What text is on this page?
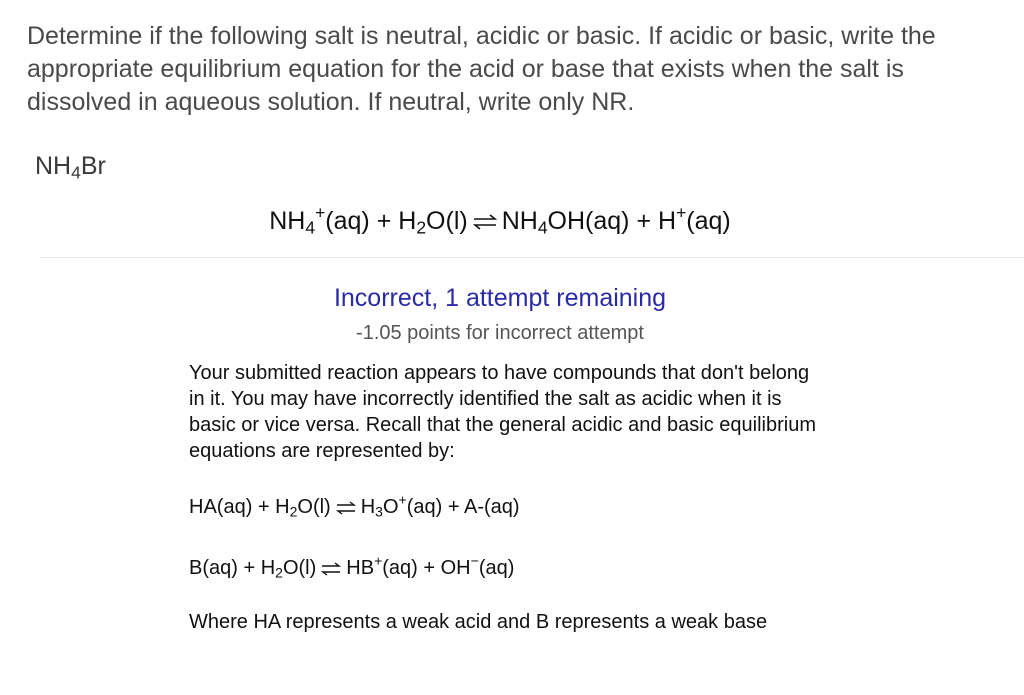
Determine if the following salt is neutral, acidic or basic. If acidic or basic, write the appropriate equilibrium equation for the acid or base that exists when the salt is dissolved in aqueous solution. If neutral, write only NR.

$NH_4Br$
$NH_4^+(aq) + H_2O(l)$ ⇌ $NH_4OH(aq) + H^+(aq)$
Incorrect, 1 attempt remaining
-1.05 points for incorrect attempt

Your submitted reaction appears to have compounds that don't belong in it. You may have incorrectly identified the salt as acidic when it is basic or vice versa. Recall that the general acidic and basic equilibrium equations are represented by:

$HA(aq) + H_2O(l)$ ⇌ $H_3O^+(aq) + A-(aq)$
$B(aq) + H_2O(l)$ ⇌ HB+(aq) + OH−(aq)

Where HA represents a weak acid and B represents a weak base
